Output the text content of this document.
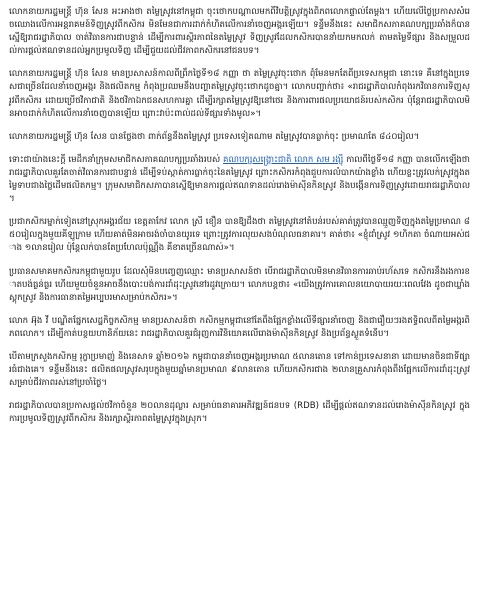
លោកនាយករដ្ឋមន្ត្រី ហ៊ុន សែន អះអាងថា តម្លៃស្រូវនៅកម្ពុជា ចុះថោកបណ្ដាលមកពីវិបត្តិស្រូវក្នុងពិភពលោកផ្ទាល់តែម្ដង។ ហើយលើថ្ងៃប្រកាសសំរេចឈោងលើការអន្តរាគមន៍ទិញស្រូវពីកសិករ មិនមែនជាការដាក់កំហិតលើការនាំចេញអង្ករឡើយ។ ទន្ទឹមនឹងនេះ សមាជិកសភាគណបក្សប្រឆាំងក៏បានស្នើឱ្យរាជរដ្ឋាភិបាល ចាត់វិធានការជាបន្ទាន់ ដើម្បីការពារស្ថិរភាពនៃតម្លៃស្រូវ ទិញស្រូវដែលកសិករបាននាំយកមកលក់ តាមតម្លៃទីផ្សារ និងសម្រួលដល់ការផ្ដល់ឥណទានដល់អ្នកប្រមូលទិញ ដើម្បីជួយដល់ជីវភាពកសិករនៅជនបទ។

លោកនាយករដ្ឋមន្ត្រី ហ៊ុន សែន មានប្រសាសន៍កាលពីព្រឹកថ្ងៃទី១៨ កញ្ញា ថា តម្លៃស្រូវចុះថោក ពុំមែនមកតែពីប្រទេសកម្ពុជា នោះទេ គឺនៅក្នុងប្រទេសជាច្រើនដែលនាំចេញអង្ករ និងផលិតកម្ម កំពុងប្រឈមនឹងបញ្ហាតម្លៃស្រូវចុះថោកដូចគ្នា។ លោកបញ្ជាក់ថា៖ «រាជរដ្ឋាភិបាលកំពុងរកវិធានការទិញស្រូវពីកសិករ ដោយប្រើថវិកាជាតិ និងថវិកាឯកជនសហការគ្នា ដើម្បីរក្សាតម្លៃស្រូវឱ្យនៅថេរ និងការពារផលប្រយោជន៍របស់កសិករ ប៉ុន្តែរាជរដ្ឋាភិបាលមិនអាចដាក់កំហិតលើការនាំចេញបានឡើយ ព្រោះវាប៉ះពាល់ដល់ទីផ្សារទាំងមូល»។

លោកនាយករដ្ឋមន្ត្រី ហ៊ុន សែន បានថ្លែងថា ពាក់ព័ន្ធនឹងតម្លៃស្រូវ ប្រទេសទៀតណាម តម្លៃស្រូវបានធ្លាក់ចុះ ប្រមាណតែ ៨៤០រៀល។

ទោះជាយ៉ាងនេះក្ដី មេដឹកនាំក្រុមសមាជិកសភាគណបក្សប្រឆាំងរបស់ គណបក្សសង្គ្រោះជាតិ លោក សម រង្ស៊ី កាលពីថ្ងៃទី១៨ កញ្ញា បានលើកឡើងថា រាជរដ្ឋាភិបាលគួរតែចាត់វិធានការជាបន្ទាន់ ដើម្បីទប់ស្កាត់ការធ្លាក់ចុះនៃតម្លៃស្រូវ ព្រោះកសិករកំពុងជួបការលំបាកយ៉ាងខ្លាំង ហើយខ្លះត្រូវលក់ស្រូវក្នុងតម្លៃទាបជាងថ្លៃដើមផលិតកម្ម។ ក្រុមសមាជិកសភាបានស្នើឱ្យមានការផ្ដល់ឥណទានដល់រោងម៉ាស៊ីនកិនស្រូវ និងបង្កើនការទិញស្រូវដោយរាជរដ្ឋាភិបាល។

ប្រជាកសិករម្នាក់ទៀតនៅស្រុកអង្គរជ័យ ខេត្តតាកែវ លោក ស្រី ខឿន បានឱ្យដឹងថា តម្លៃស្រូវនៅតំបន់របស់គាត់ត្រូវបានឈ្មួញទិញក្នុងតម្លៃប្រមាណ ៨៥០រៀលក្នុងមួយគីឡូក្រាម ហើយគាត់មិនអាចរង់ចាំបានយូរទេ ព្រោះត្រូវការលុយសងបំណុលធនាគារ។ គាត់ថា៖ «ខ្ញុំដាំស្រូវ ១ហិកតា ចំណាយអស់ជាង ១លានរៀល ប៉ុន្តែលក់បានតែប្រហែលប៉ុណ្ណឹង គឺខាតច្រើនណាស់»។

ប្រធានសមាគមកសិករកម្ពុជាមួយរូប ដែលសុំមិនបញ្ចេញឈ្មោះ មានប្រសាសន៍ថា បើរាជរដ្ឋាភិបាលមិនមានវិធានការឆាប់រហ័សទេ កសិករនឹងរងការខាតបង់ធ្ងន់ធ្ងរ ហើយមួយចំនួនអាចនឹងបោះបង់ការដាំដុះស្រូវនៅរដូវក្រោយ។ លោកបន្តថា៖ «យើងត្រូវការគោលនយោបាយរយៈពេលវែង ដូចជាឃ្លាំងស្តុកស្រូវ និងការធានាតម្លៃអប្បបរមាសម្រាប់កសិករ»។

លោក អ៊ុង វី បណ្ឌិតផ្នែកសេដ្ឋកិច្ចកសិកម្ម មានប្រសាសន៍ថា កសិកម្មកម្ពុជានៅតែពឹងផ្អែកខ្លាំងលើទីផ្សារនាំចេញ និងជារឿយៗរងឥទ្ធិពលពីតម្លៃអង្ករពិភពលោក។ ដើម្បីកាត់បន្ថយហានិភ័យនេះ រាជរដ្ឋាភិបាលគួរជំរុញការវិនិយោគលើរោងម៉ាស៊ីនកិនស្រូវ និងប្រព័ន្ធស្ងួតទំនើប។

បើតាមក្រសួងកសិកម្ម រុក្ខាប្រមាញ់ និងនេសាទ ឆ្នាំ២០១៦ កម្ពុជាបាននាំចេញអង្ករប្រមាណ ៥លានតោន ទៅកាន់ប្រទេសនានា ដោយមានចិនជាទីផ្សារធំជាងគេ។ ទន្ទឹមនឹងនេះ ផលិតផលស្រូវសរុបក្នុងមួយឆ្នាំមានប្រមាណ ៩លានតោន ហើយកសិករជាង ២លានគ្រួសារកំពុងពឹងផ្អែកលើការដាំដុះស្រូវសម្រាប់ជីវភាពរស់នៅប្រចាំថ្ងៃ។

រាជរដ្ឋាភិបាលបានប្រកាសផ្ដល់ថវិកាចំនួន ២០លានដុល្លារ សម្រាប់ធនាគារអភិវឌ្ឍន៍ជនបទ (RDB) ដើម្បីផ្ដល់ឥណទានដល់រោងម៉ាស៊ីនកិនស្រូវ ក្នុងការប្រមូលទិញស្រូវពីកសិករ និងរក្សាស្ថិរភាពតម្លៃស្រូវក្នុងស្រុក។
